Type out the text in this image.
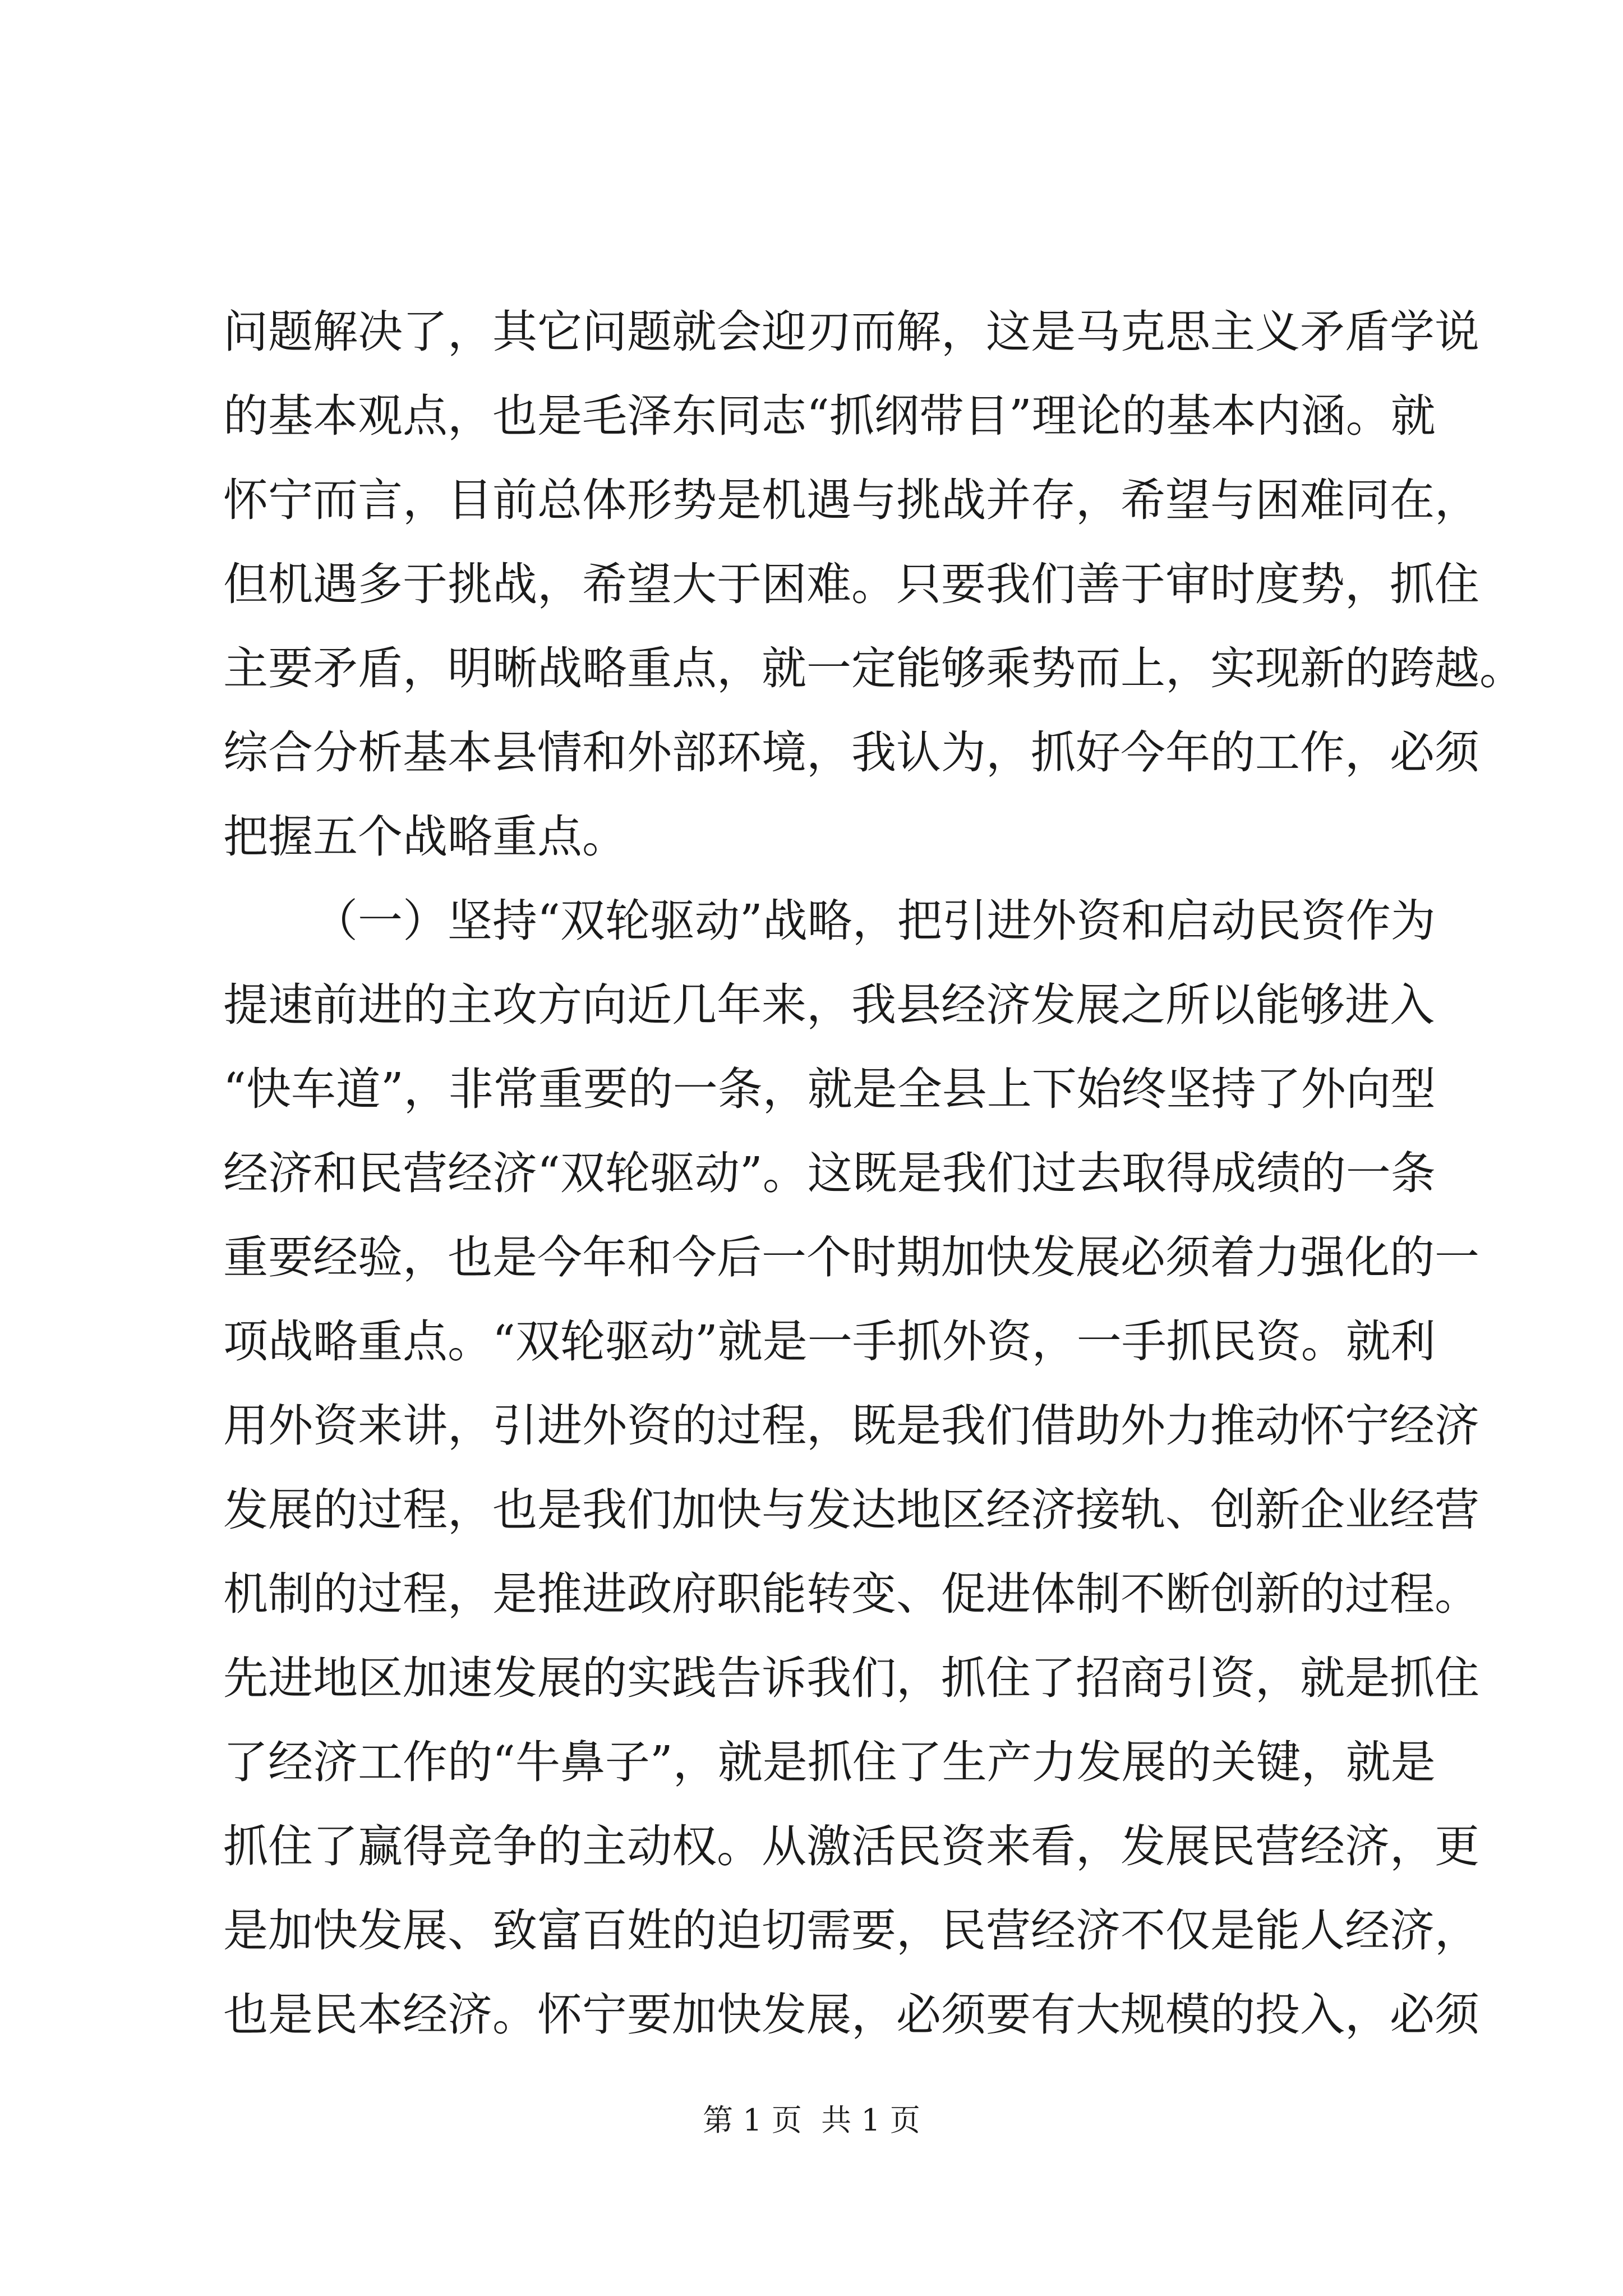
问题解决了，其它问题就会迎刃而解，这是马克思主义矛盾学说
的基本观点，也是毛泽东同志“抓纲带目”理论的基本内涵。就
怀宁而言，目前总体形势是机遇与挑战并存，希望与困难同在，
但机遇多于挑战，希望大于困难。只要我们善于审时度势，抓住
主要矛盾，明晰战略重点，就一定能够乘势而上，实现新的跨越。
综合分析基本县情和外部环境，我认为，抓好今年的工作，必须
把握五个战略重点。
（一）坚持“双轮驱动”战略，把引进外资和启动民资作为
提速前进的主攻方向近几年来，我县经济发展之所以能够进入
“快车道”，非常重要的一条，就是全县上下始终坚持了外向型
经济和民营经济“双轮驱动”。这既是我们过去取得成绩的一条
重要经验，也是今年和今后一个时期加快发展必须着力强化的一
项战略重点。“双轮驱动”就是一手抓外资，一手抓民资。就利
用外资来讲，引进外资的过程，既是我们借助外力推动怀宁经济
发展的过程，也是我们加快与发达地区经济接轨、创新企业经营
机制的过程，是推进政府职能转变、促进体制不断创新的过程。
先进地区加速发展的实践告诉我们，抓住了招商引资，就是抓住
了经济工作的“牛鼻子”，就是抓住了生产力发展的关键，就是
抓住了赢得竞争的主动权。从激活民资来看，发展民营经济，更
是加快发展、致富百姓的迫切需要，民营经济不仅是能人经济，
也是民本经济。怀宁要加快发展，必须要有大规模的投入，必须
第 1 页  共 1 页
